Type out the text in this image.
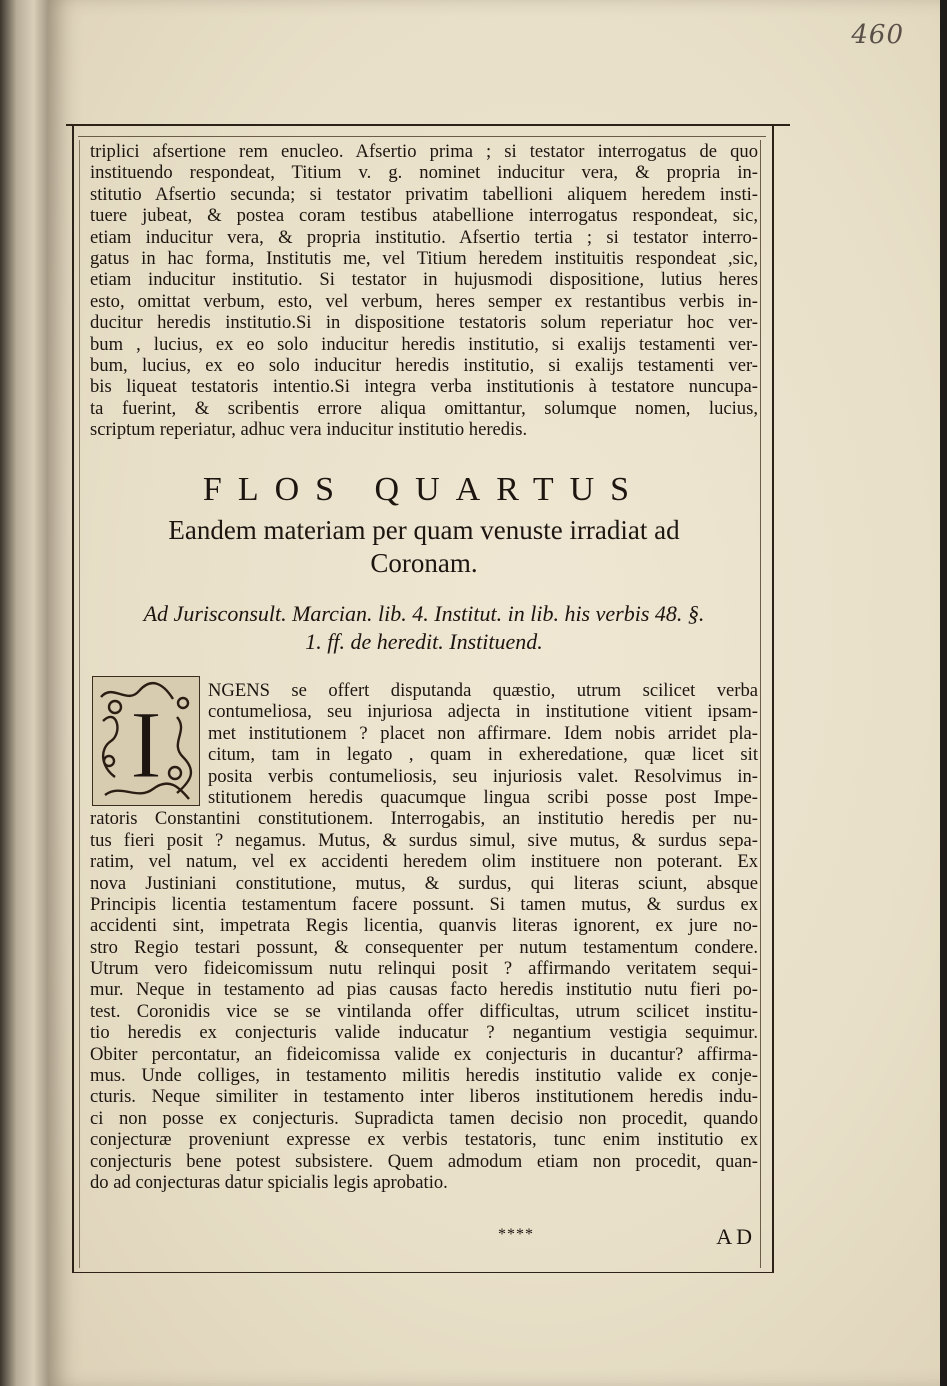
460
triplici afsertione rem enucleo. Afsertio prima ; si testator interrogatus de quo
instituendo respondeat, Titium v. g. nominet inducitur vera, & propria in-
stitutio Afsertio secunda; si testator privatim tabellioni aliquem heredem insti-
tuere jubeat, & postea coram testibus atabellione interrogatus respondeat, sic,
etiam inducitur vera, & propria institutio. Afsertio tertia ; si testator interro-
gatus in hac forma, Institutis me, vel Titium heredem instituitis respondeat ,sic,
etiam inducitur institutio. Si testator in hujusmodi dispositione, lutius heres
esto, omittat verbum, esto, vel verbum, heres semper ex restantibus verbis in-
ducitur heredis institutio.Si in dispositione testatoris solum reperiatur hoc ver-
bum , lucius, ex eo solo inducitur heredis institutio, si exalijs testamenti ver-
bum, lucius, ex eo solo inducitur heredis institutio, si exalijs testamenti ver-
bis liqueat testatoris intentio.Si integra verba institutionis à testatore nuncupa-
ta fuerint, & scribentis errore aliqua omittantur, solumque nomen, lucius,
scriptum reperiatur, adhuc vera inducitur institutio heredis.
FLOS QUARTUS
Eandem materiam per quam venuste irradiat ad
Coronam.
Ad Jurisconsult. Marcian. lib. 4. Institut. in lib. his verbis 48. §.
1. ff. de heredit. Instituend.
I
NGENS se offert disputanda quæstio, utrum scilicet verba
contumeliosa, seu injuriosa adjecta in institutione vitient ipsam-
met institutionem ? placet non affirmare. Idem nobis arridet pla-
citum, tam in legato , quam in exheredatione, quæ licet sit
posita verbis contumeliosis, seu injuriosis valet. Resolvimus in-
stitutionem heredis quacumque lingua scribi posse post Impe-
ratoris Constantini constitutionem. Interrogabis, an institutio heredis per nu-
tus fieri posit ? negamus. Mutus, & surdus simul, sive mutus, & surdus sepa-
ratim, vel natum, vel ex accidenti heredem olim instituere non poterant. Ex
nova Justiniani constitutione, mutus, & surdus, qui literas sciunt, absque
Principis licentia testamentum facere possunt. Si tamen mutus, & surdus ex
accidenti sint, impetrata Regis licentia, quanvis literas ignorent, ex jure no-
stro Regio testari possunt, & consequenter per nutum testamentum condere.
Utrum vero fideicomissum nutu relinqui posit ? affirmando veritatem sequi-
mur. Neque in testamento ad pias causas facto heredis institutio nutu fieri po-
test. Coronidis vice se se vintilanda offer difficultas, utrum scilicet institu-
tio heredis ex conjecturis valide inducatur ? negantium vestigia sequimur.
Obiter percontatur, an fideicomissa valide ex conjecturis in ducantur? affirma-
mus. Unde colliges, in testamento militis heredis institutio valide ex conje-
cturis. Neque similiter in testamento inter liberos institutionem heredis indu-
ci non posse ex conjecturis. Supradicta tamen decisio non procedit, quando
conjecturæ proveniunt expresse ex verbis testatoris, tunc enim institutio ex
conjecturis bene potest subsistere. Quem admodum etiam non procedit, quan-
do ad conjecturas datur spicialis legis aprobatio.
****	AD
